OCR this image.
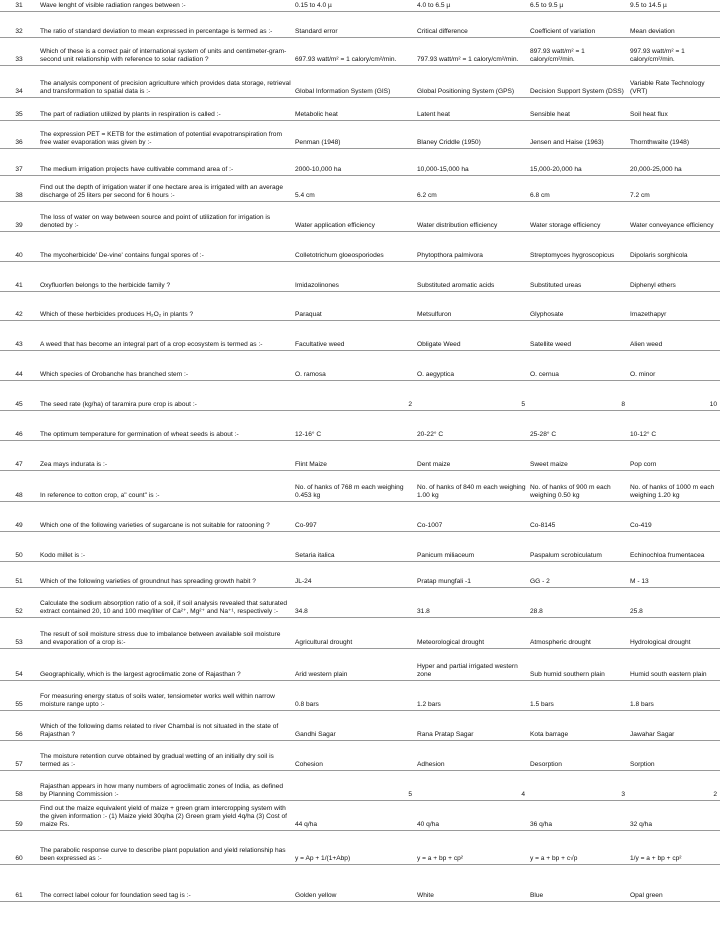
31	Wave lenght of visible radiation ranges between :-	0.15 to 4.0 µ	4.0 to 6.5 µ	6.5 to 9.5 µ	9.5 to 14.5 µ
32	The ratio of standard deviation to mean expressed in percentage is termed as :-	Standard error	Critical difference	Coefficient of variation	Mean deviation
33	Which of these is a correct pair of international system of units and centimeter-gram-second unit relationship with reference to solar radiation ?	697.93 watt/m² = 1 calory/cm²/min.	797.93 watt/m² = 1 calory/cm²/min.	897.93 watt/m² = 1 calory/cm²/min.	997.93 watt/m² = 1 calory/cm²/min.
34	The analysis component of precision agriculture which provides data storage, retrieval and transformation to spatial data is :-	Global Information System (GIS)	Global Positioning System (GPS)	Decision Support System (DSS)	Variable Rate Technology (VRT)
35	The part of radiation utilized by plants in respiration is called :-	Metabolic heat	Latent heat	Sensible heat	Soil heat flux
36	The expression PET = KETB for the estimation of potential evapotranspiration from free water evaporation was given by :-	Penman (1948)	Blaney Criddle (1950)	Jensen and Haise (1963)	Thornthwaite (1948)
37	The medium irrigation projects have cultivable command area of :-	2000-10,000 ha	10,000-15,000 ha	15,000-20,000 ha	20,000-25,000 ha
38	Find out the depth of irrigation water if one hectare area is irrigated with an average discharge of 25 liters per second for 6 hours :-	5.4 cm	6.2 cm	6.8 cm	7.2 cm
39	The loss of water on way between source and point of utilization for irrigation is denoted by :-	Water application efficiency	Water distribution efficiency	Water storage efficiency	Water conveyance efficiency
40	The mycoherbicide' De-vine' contains fungal spores of :-	Colletotrichum gloeosporiodes	Phytopthora palmivora	Streptomyces hygroscopicus	Dipolaris sorghicola
41	Oxyfluorfen belongs to the herbicide family ?	Imidazolinones	Substituted aromatic acids	Substituted ureas	Diphenyl ethers
42	Which of these herbicides produces H₂O₂ in plants ?	Paraquat	Metsulfuron	Glyphosate	Imazethapyr
43	A weed that has become an integral part of a crop ecosystem is termed as :-	Facultative weed	Obligate Weed	Satellite weed	Alien weed
44	Which species of Orobanche has branched stem :-	O. ramosa	O. aegyptica	O. cernua	O. minor
45	The seed rate (kg/ha) of taramira pure crop is about :-	2	5	8	10
46	The optimum temperature for germination of wheat seeds is about :-	12-16° C	20-22° C	25-28° C	10-12° C
47	Zea mays indurata is :-	Flint Maize	Dent maize	Sweet maize	Pop corn
48	In reference to cotton crop, a" count" is :-	No. of hanks of 768 m each weighing 0.453 kg	No. of hanks of 840 m each weighing 1.00 kg	No. of hanks of 900 m each weighing 0.50 kg	No. of hanks of 1000 m each weighing 1.20 kg
49	Which one of the following varieties of sugarcane is not suitable for ratooning ?	Co-997	Co-1007	Co-8145	Co-419
50	Kodo millet is :-	Setaria italica	Panicum miliaceum	Paspalum scrobiculatum	Echinochloa frumentacea
51	Which of the following varieties of groundnut has spreading growth habit ?	JL-24	Pratap mungfali -1	GG - 2	M - 13
52	Calculate the sodium absorption ratio of a soil, if soil analysis revealed that saturated extract contained 20, 10 and 100 meq/liter of Ca²⁺, Mg²⁺ and Na⁺¹, respectively :-	34.8	31.8	28.8	25.8
53	The result of soil moisture stress due to imbalance between available soil moisture and evaporation of a crop is:-	Agricultural drought	Meteorological drought	Atmospheric drought	Hydrological drought
54	Geographically, which is the largest agroclimatic zone of Rajasthan ?	Arid western plain	Hyper and partial irrigated western zone	Sub humid southern plain	Humid south eastern plain
55	For measuring energy status of soils water, tensiometer works well within narrow moisture range upto :-	0.8 bars	1.2 bars	1.5 bars	1.8 bars
56	Which of the following dams related to river Chambal is not situated in the state of Rajasthan ?	Gandhi Sagar	Rana Pratap Sagar	Kota barrage	Jawahar Sagar
57	The moisture retention curve obtained by gradual wetting of an initially dry soil is termed as :-	Cohesion	Adhesion	Desorption	Sorption
58	Rajasthan appears in how many numbers of agroclimatic zones of India, as defined by Planning Commission :-	5	4	3	2
59	Find out the maize equivalent yield of maize + green gram intercropping system with the given information :- (1) Maize yield 30q/ha (2) Green gram yield 4q/ha (3) Cost of maize Rs.	44 q/ha	40 q/ha	36 q/ha	32 q/ha
60	The parabolic response curve to describe plant population and yield relationship has been expressed as :-	y = Ap + 1/(1+Abp)	y = a + bp + cp²	y = a + bp + c√p	1/y = a + bp + cp²
61	The correct label colour for foundation seed tag is :-	Golden yellow	White	Blue	Opal green
